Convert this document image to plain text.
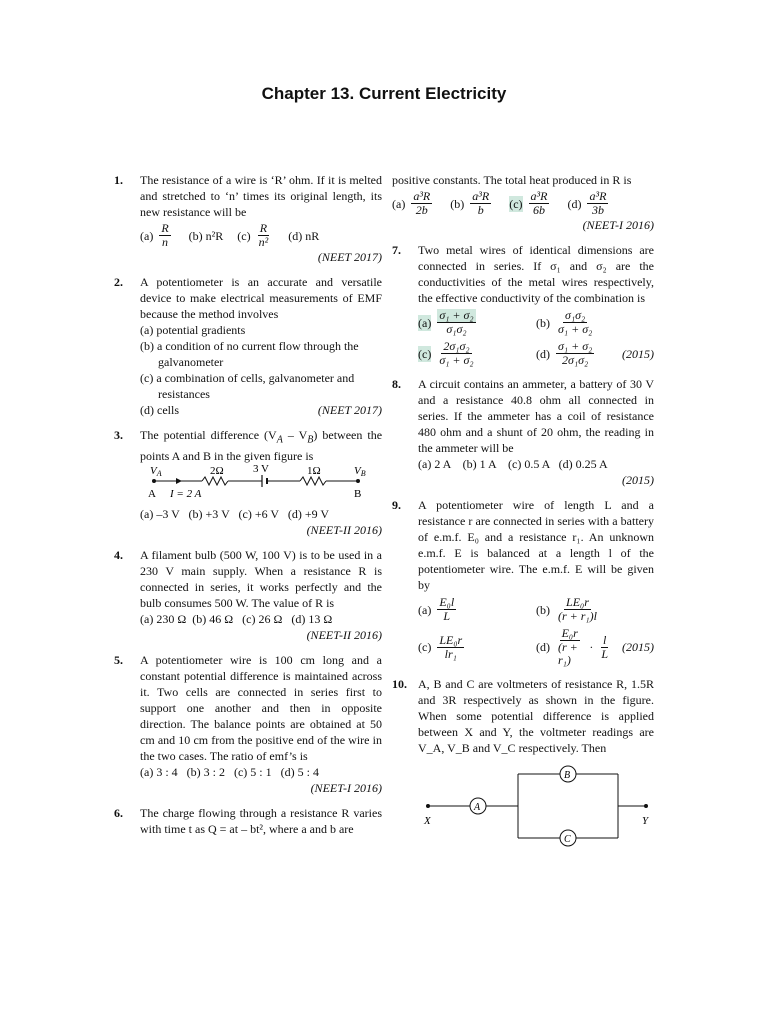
Chapter 13. Current Electricity
1. The resistance of a wire is ‘R’ ohm. If it is melted and stretched to ‘n’ times its original length, its new resistance will be
$(a) \frac{R}{n} (b)$ n²R $(c) \frac{R}{\text{n²}} (d)$ nR
(NEET 2017)
2. A potentiometer is an accurate and versatile device to make electrical measurements of EMF because the method involves
(a) potential gradients
(b) a condition of no current flow through the galvanometer
(c) a combination of cells, galvanometer and resistances
(d) cells	(NEET 2017)
3. The potential difference $(V_A - V_B)$ between the points A and B in the given figure is
VA	VB
2Ω	3 V	1Ω
A I = 2 A	B
(a) –3 V   (b) +3 V   (c) +6 V   (d) +9 V
(NEET-II 2016)
4. A filament bulb (500 W, 100 V) is to be used in a 230 V main supply. When a resistance R is connected in series, it works perfectly and the bulb consumes 500 W. The value of R is
(a) 230 Ω  (b) 46 Ω   (c) 26 Ω   (d) 13 Ω
(NEET-II 2016)
5. A potentiometer wire is 100 cm long and a constant potential difference is maintained across it. Two cells are connected in series first to support one another and then in opposite direction. The balance points are obtained at 50 cm and 10 cm from the positive end of the wire in the two cases. The ratio of emf’s is
(a) 3 : 4   (b) 3 : 2   (c) 5 : 1   (d) 5 : 4
(NEET-I 2016)
6. The charge flowing through a resistance R varies with time t as Q = at – bt², where a and b are
positive constants. The total heat produced in R is
$(a) \frac{\text{a³R}}{2b} (b) \frac{\text{a³R}}{b} (c) \frac{\text{a³R}}{6b} (d) \frac{\text{a³R}}{3b}$
(NEET-I 2016)
7. Two metal wires of identical dimensions are connected in series. If σ₁ and σ₂ are the conductivities of the metal wires respectively, the effective conductivity of the combination is
$(a) \frac{\text{σ₁ + σ₂}}{\text{σ₁σ₂}}$	$(b) \frac{\text{σ₁σ₂}}{\text{σ₁ + σ₂}}$
$(c) \frac{\text{2σ₁σ₂}}{\text{σ₁ + σ₂}}$	$(d) \frac{\text{σ₁ + σ₂}}{\text{2σ₁σ₂}} (2015)$
8. A circuit contains an ammeter, a battery of 30 V and a resistance 40.8 ohm all connected in series. If the ammeter has a coil of resistance 480 ohm and a shunt of 20 ohm, the reading in the ammeter will be
(a) 2 A    (b) 1 A    (c) 0.5 A   (d) 0.25 A
(2015)
9. A potentiometer wire of length L and a resistance r are connected in series with a battery of e.m.f. E₀ and a resistance r₁. An unknown e.m.f. E is balanced at a length l of the potentiometer wire. The e.m.f. E will be given by
$(a) \frac{\text{E₀l}}{L}$	$(b) \frac{\text{LE₀r}}{\text{(r + r₁)l}}$
$(c) \frac{\text{LE₀r}}{\text{lr₁}}$	$(d) \frac{\text{E₀r}}{\text{(r + r₁)}} \cdot \frac{l}{L} (2015)$
10. A, B and C are voltmeters of resistance R, 1.5R and 3R respectively as shown in the figure. When some potential difference is applied between X and Y, the voltmeter readings are V_A, V_B and V_C respectively. Then
A
B
C
X	Y
